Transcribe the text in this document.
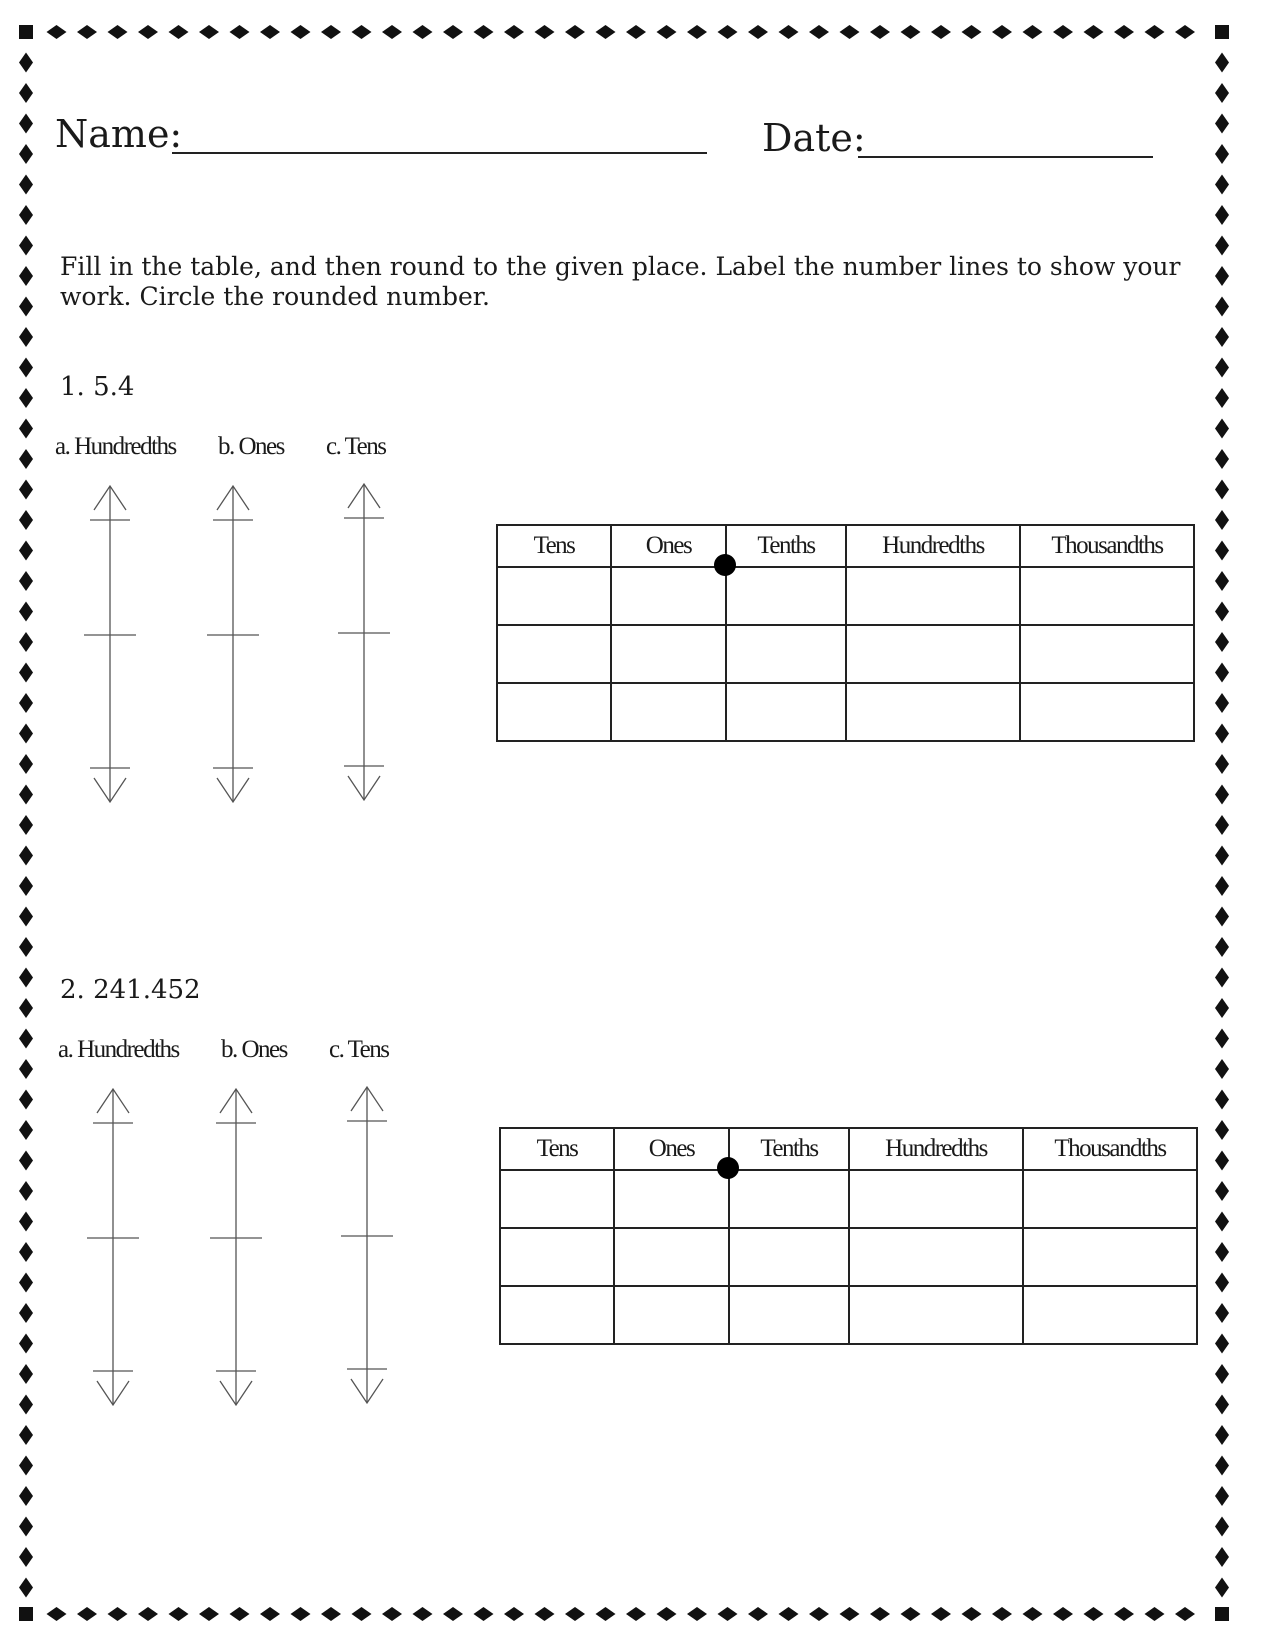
Name:	Date:
Fill in the table, and then round to the given place. Label the number lines to show your work. Circle the rounded number.
1. 5.4
a. Hundredths b. Ones c. Tens
Tens	Ones	Tenths	Hundredths	Thousandths

2. 241.452
a. Hundredths b. Ones c. Tens
Tens	Ones	Tenths	Hundredths	Thousandths
